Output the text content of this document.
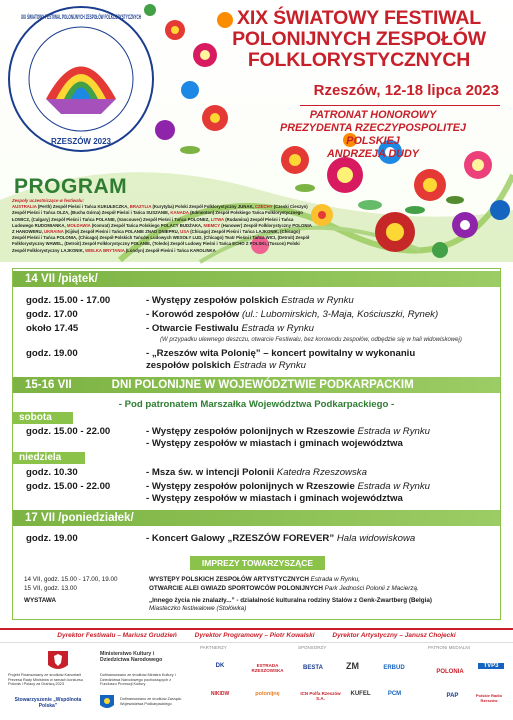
XIX ŚWIATOWY FESTIWAL POLONIJNYCH ZESPOŁÓW FOLKLORYSTYCZNYCH
RZESZÓW 2023
XIX ŚWIATOWY FESTIWAL
POLONIJNYCH ZESPOŁÓW
FOLKLORYSTYCZNYCH
Rzeszów, 12-18 lipca 2023
PATRONAT HONOROWY
PREZYDENTA RZECZYPOSPOLITEJ POLSKIEJ
ANDRZEJA DUDY
PROGRAM
Zespoły uczestniczące w festiwalu:
AUSTRALIA (Perth) Zespół Pieśni i Tańca KUKUŁECZKA, BRAZYLIA (Kurytyba) Polski Zespół Folklorystyczny JUNAK, CZECHY (Czeski Cieszyn) Zespół Pieśni i Tańca OLZA, (Bucha Górna) Zespół Pieśni i Tańca SUSZANIE, KANADA (Edmonton) Zespół Polskiego Tańca Folklorystycznego ŁOWICZ, (Calgary) Zespół Pieśni i Tańca POLANIE, (Vancouver) Zespół Pieśni i Tańca POLONEZ, LITWA (Rudamina) Zespół Pieśni i Tańca Ludowego RUDOMIANKA, MOŁDAWIA (Komrat) Zespół Tańca Polskiego POLACY BUDŻAKA, NIEMCY (Hanower) Zespół Folklorystyczny POLONIA Z HANOWERU, UKRAINA (Kijów) Zespół Pieśni i Tańca POLANIE ZNAD DNIEPRU, USA (Chicago) Zespół Pieśni i Tańca LAJKONIK, (Chicago) Zespół Pieśni i Tańca POLONIA, (Chicago) Zespół Polskich Tańców Ludowych WESOŁY LUD, (Chicago) Teatr Pieśni i Tańca WICI, (Detroit) Zespół Folklorystyczny WAWEL, (Detroit) Zespół Folklorystyczny POLANIE, (Toledo) Zespół Ludowy Pieśni i Tańca ECHO Z POLSKI, (Tuscon) Polski Zespół Folklorystyczny LAJKONIK, WIELKA BRYTANIA (Londyn) Zespół Pieśni i Tańca KAROLINKA
14 VII /piątek/
godz. 15.00 - 17.00	- Występy zespołów polskich Estrada w Rynku
godz. 17.00	- Korowód zespołów (ul.: Lubomirskich, 3-Maja, Kościuszki, Rynek)
około 17.45	- Otwarcie Festiwalu Estrada w Rynku
(W przypadku ulewnego deszczu, otwarcie Festiwalu, bez korowodu zespołów, odbędzie się w hali widowiskowej)
godz. 19.00	- „Rzeszów wita Polonię” – koncert powitalny w wykonaniu
zespołów polskich Estrada w Rynku
15-16 VII	DNI POLONIJNE W WOJEWÓDZTWIE PODKARPACKIM
- Pod patronatem Marszałka Województwa Podkarpackiego -
sobota
godz. 15.00 - 22.00	- Występy zespołów polonijnych w Rzeszowie Estrada w Rynku
- Występy zespołów w miastach i gminach województwa
niedziela
godz. 10.30	- Msza św. w intencji Polonii Katedra Rzeszowska
godz. 15.00 - 22.00	- Występy zespołów polonijnych w Rzeszowie Estrada w Rynku
- Występy zespołów w miastach i gminach województwa
17 VII /poniedziałek/
godz. 19.00	- Koncert Galowy „RZESZÓW FOREVER” Hala widowiskowa
IMPREZY TOWARZYSZĄCE
14 VII, godz. 15.00 - 17.00, 19.00	WYSTĘPY POLSKICH ZESPOŁÓW ARTYSTYCZNYCH Estrada w Rynku,
15 VII, godz. 13.00	OTWARCIE ALEI GWIAZD SPORTOWCÓW POLONIJNYCH Park Jedności Polonii z Macierzą.
WYSTAWA	„Innego życia nie znalazły...” - działalność kulturalna rodziny Stalów z Genk-Zwartberg (Belgia)
Miasteczko festiwalowe (Stołówka)
Dyrektor Festiwalu – Mariusz Grudzień	Dyrektor Programowy – Piotr Kowalski	Dyrektor Artystyczny – Janusz Chojecki
Projekt Finansowany ze środków Kancelarii Prezesa Rady Ministrów w ramach konkursu Polonia i Polacy za Granicą 2023
Ministerstwo Kultury i Dziedzictwa Narodowego
Dofinansowano ze środków Ministra Kultury i Dziedzictwa Narodowego pochodzących z Funduszu Promocji Kultury
Stowarzyszenie „Wspólnota Polska”
Dofinansowano ze środków Zarządu Województwa Podkarpackiego
PARTNERZY
DK	ESTRADA RZESZOWSKA
NIKIDW	polonijnę
SPONSORZY
BESTA	ZM	ERBUD
ICN Polfa Rzeszów S.A.
KUFEL	PCM
PATRONI MEDIALNI
TVP3
POLONIA
PAP	Polskie Radio Rzeszów
